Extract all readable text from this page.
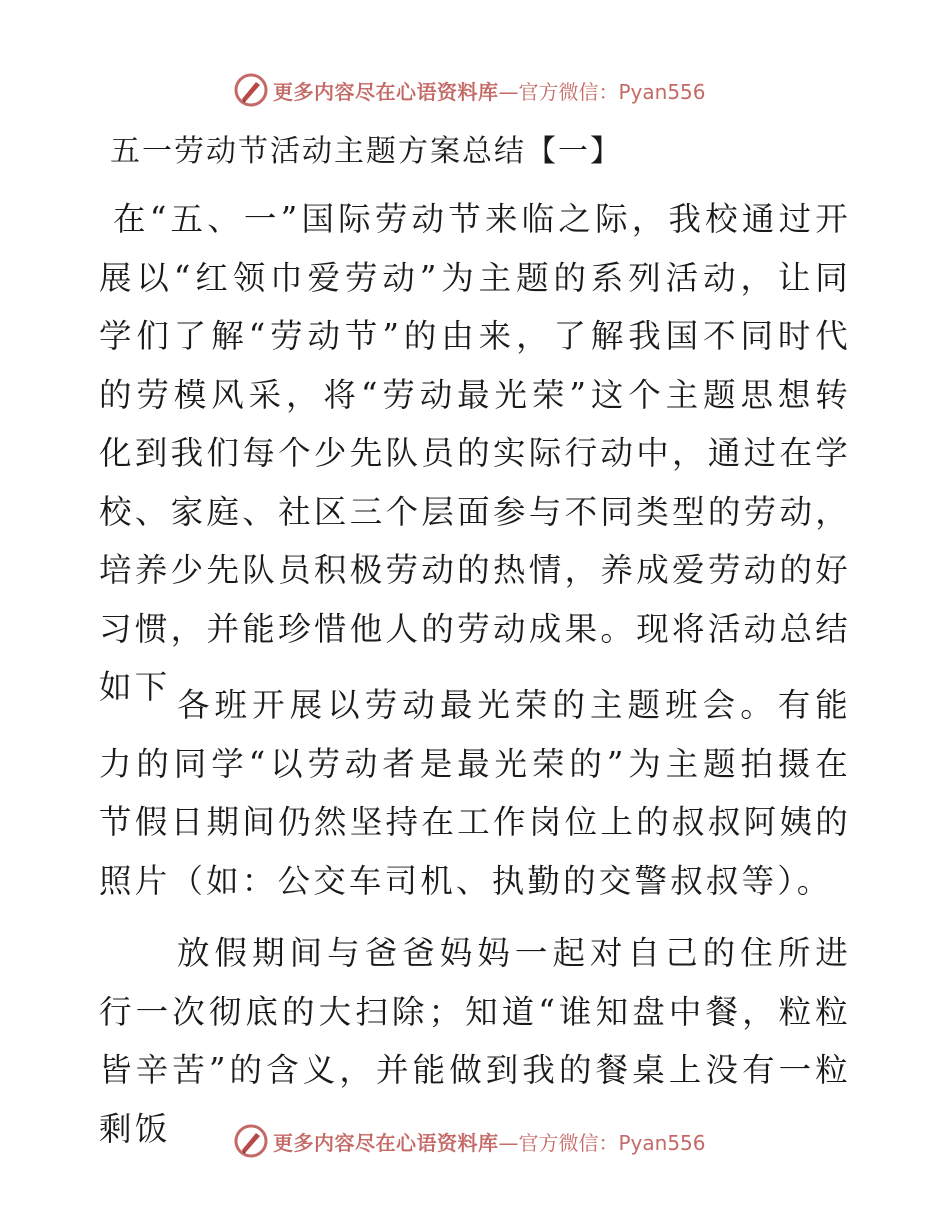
更多内容尽在心语资料库 —官方微信：Pyan556
五一劳动节活动主题方案总结【一】

在“五、一”国际劳动节来临之际，我校通过开展以“红领巾爱劳动”为主题的系列活动，让同学们了解“劳动节”的由来，了解我国不同时代的劳模风采，将“劳动最光荣”这个主题思想转化到我们每个少先队员的实际行动中，通过在学校、家庭、社区三个层面参与不同类型的劳动，培养少先队员积极劳动的热情，养成爱劳动的好习惯，并能珍惜他人的劳动成果。现将活动总结如下 各班开展以劳动最光荣的主题班会。有能力的同学“以劳动者是最光荣的”为主题拍摄在节假日期间仍然坚持在工作岗位上的叔叔阿姨的照片（如：公交车司机、执勤的交警叔叔等）。

放假期间与爸爸妈妈一起对自己的住所进行一次彻底的大扫除；知道“谁知盘中餐，粒粒皆辛苦”的含义，并能做到我的餐桌上没有一粒剩饭	更多内容尽在心语资料库 —官方微信：Pyan556
